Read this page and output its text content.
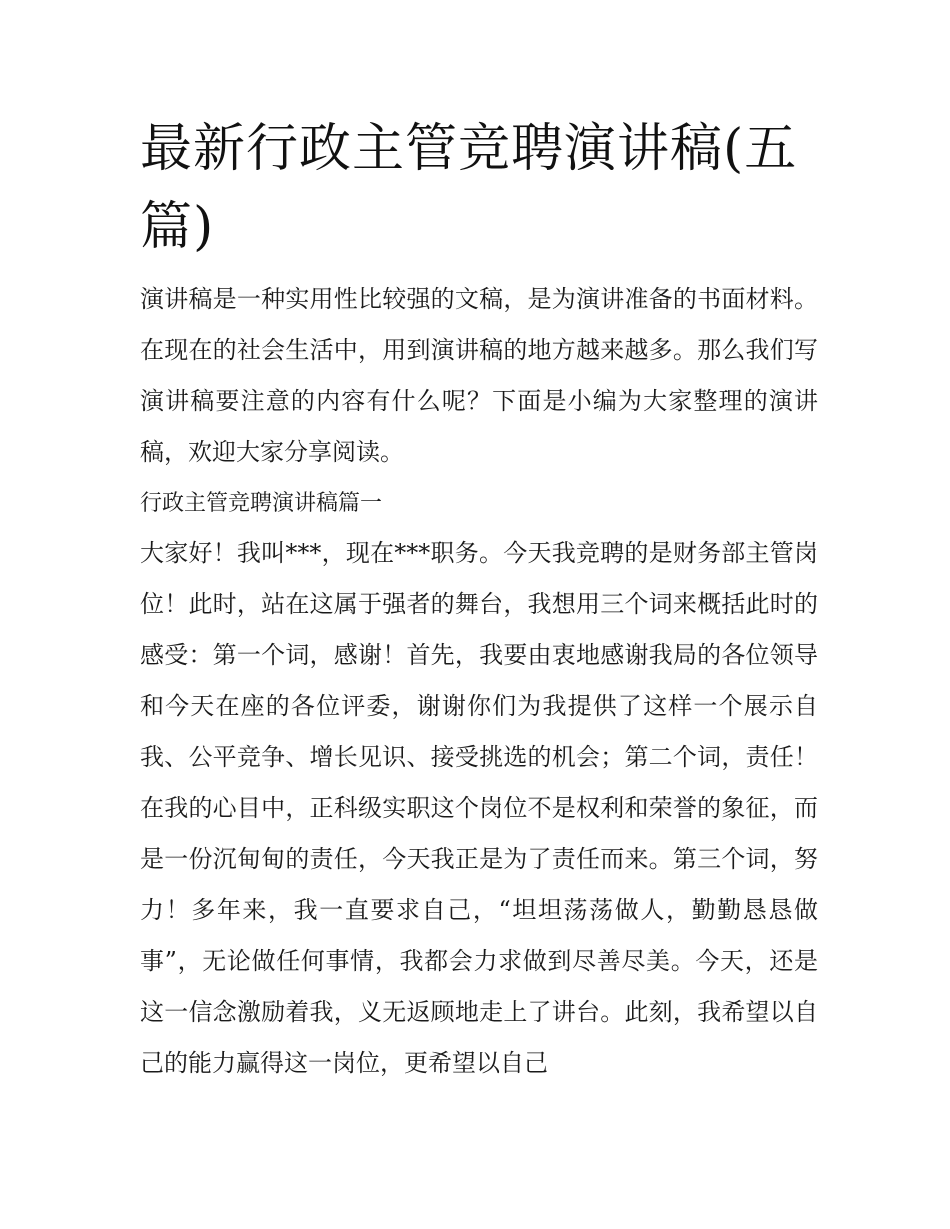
最新行政主管竞聘演讲稿(五篇)

演讲稿是一种实用性比较强的文稿，是为演讲准备的书面材料。在现在的社会生活中，用到演讲稿的地方越来越多。那么我们写演讲稿要注意的内容有什么呢？下面是小编为大家整理的演讲稿，欢迎大家分享阅读。

行政主管竞聘演讲稿篇一

大家好！我叫***，现在***职务。今天我竞聘的是财务部主管岗位！此时，站在这属于强者的舞台，我想用三个词来概括此时的感受：第一个词，感谢！首先，我要由衷地感谢我局的各位领导和今天在座的各位评委，谢谢你们为我提供了这样一个展示自我、公平竞争、增长见识、接受挑选的机会；第二个词，责任！在我的心目中，正科级实职这个岗位不是权利和荣誉的象征，而是一份沉甸甸的责任，今天我正是为了责任而来。第三个词，努力！多年来，我一直要求自己，“坦坦荡荡做人，勤勤恳恳做事”，无论做任何事情，我都会力求做到尽善尽美。今天，还是这一信念激励着我，义无返顾地走上了讲台。此刻，我希望以自己的能力赢得这一岗位，更希望以自己
